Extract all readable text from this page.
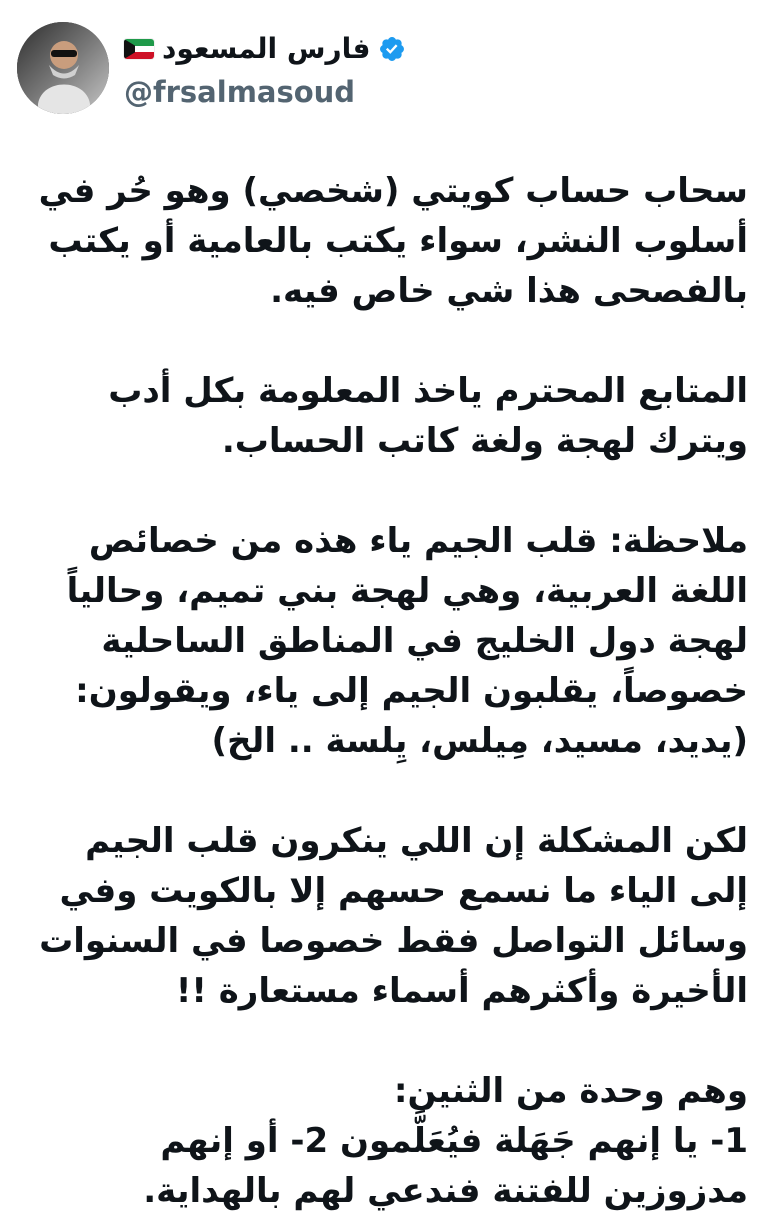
فارس المسعود
@frsalmasoud

سحاب حساب كويتي (شخصي) وهو حُر في
أسلوب النشر، سواء يكتب بالعامية أو يكتب
بالفصحى هذا شي خاص فيه.

المتابع المحترم ياخذ المعلومة بكل أدب
ويترك لهجة ولغة كاتب الحساب.

ملاحظة: قلب الجيم ياء هذه من خصائص
اللغة العربية، وهي لهجة بني تميم، وحالياً
لهجة دول الخليج في المناطق الساحلية
خصوصاً، يقلبون الجيم إلى ياء، ويقولون:
(يديد، مسيد، مِيلس، يِلسة .. الخ)

لكن المشكلة إن اللي ينكرون قلب الجيم
إلى الياء ما نسمع حسهم إلا بالكويت وفي
وسائل التواصل فقط خصوصا في السنوات
الأخيرة وأكثرهم أسماء مستعارة !!

وهم وحدة من الثنين:
1- يا إنهم جَهَلة فيُعَلَّمون 2- أو إنهم
مدزوزين للفتنة فندعي لهم بالهداية.
